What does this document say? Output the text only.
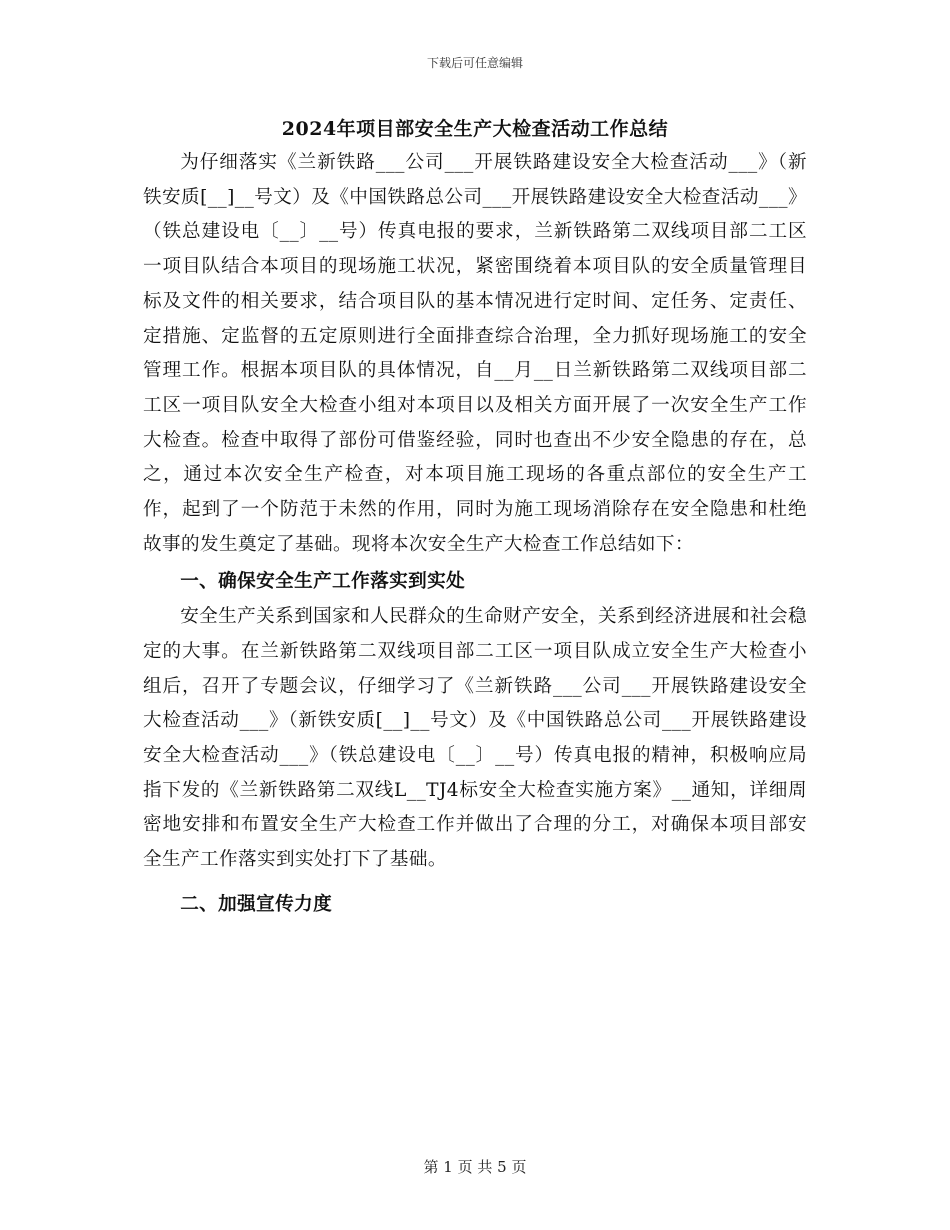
下载后可任意编辑
2024年项目部安全生产大检查活动工作总结

为仔细落实《兰新铁路___公司___开展铁路建设安全大检查活动___》（新铁安质[__]__号文）及《中国铁路总公司___开展铁路建设安全大检查活动___》（铁总建设电〔__〕__号）传真电报的要求，兰新铁路第二双线项目部二工区一项目队结合本项目的现场施工状况，紧密围绕着本项目队的安全质量管理目标及文件的相关要求，结合项目队的基本情况进行定时间、定任务、定责任、定措施、定监督的五定原则进行全面排查综合治理，全力抓好现场施工的安全管理工作。根据本项目队的具体情况，自__月__日兰新铁路第二双线项目部二工区一项目队安全大检查小组对本项目以及相关方面开展了一次安全生产工作大检查。检查中取得了部份可借鉴经验，同时也查出不少安全隐患的存在，总之，通过本次安全生产检查，对本项目施工现场的各重点部位的安全生产工作，起到了一个防范于未然的作用，同时为施工现场消除存在安全隐患和杜绝故事的发生奠定了基础。现将本次安全生产大检查工作总结如下：

一、确保安全生产工作落实到实处

安全生产关系到国家和人民群众的生命财产安全，关系到经济进展和社会稳定的大事。在兰新铁路第二双线项目部二工区一项目队成立安全生产大检查小组后，召开了专题会议，仔细学习了《兰新铁路___公司___开展铁路建设安全大检查活动___》（新铁安质[__]__号文）及《中国铁路总公司___开展铁路建设安全大检查活动___》（铁总建设电〔__〕__号）传真电报的精神，积极响应局指下发的《兰新铁路第二双线L__TJ4标安全大检查实施方案》__通知，详细周密地安排和布置安全生产大检查工作并做出了合理的分工，对确保本项目部安全生产工作落实到实处打下了基础。

二、加强宣传力度

第 1 页 共 5 页
